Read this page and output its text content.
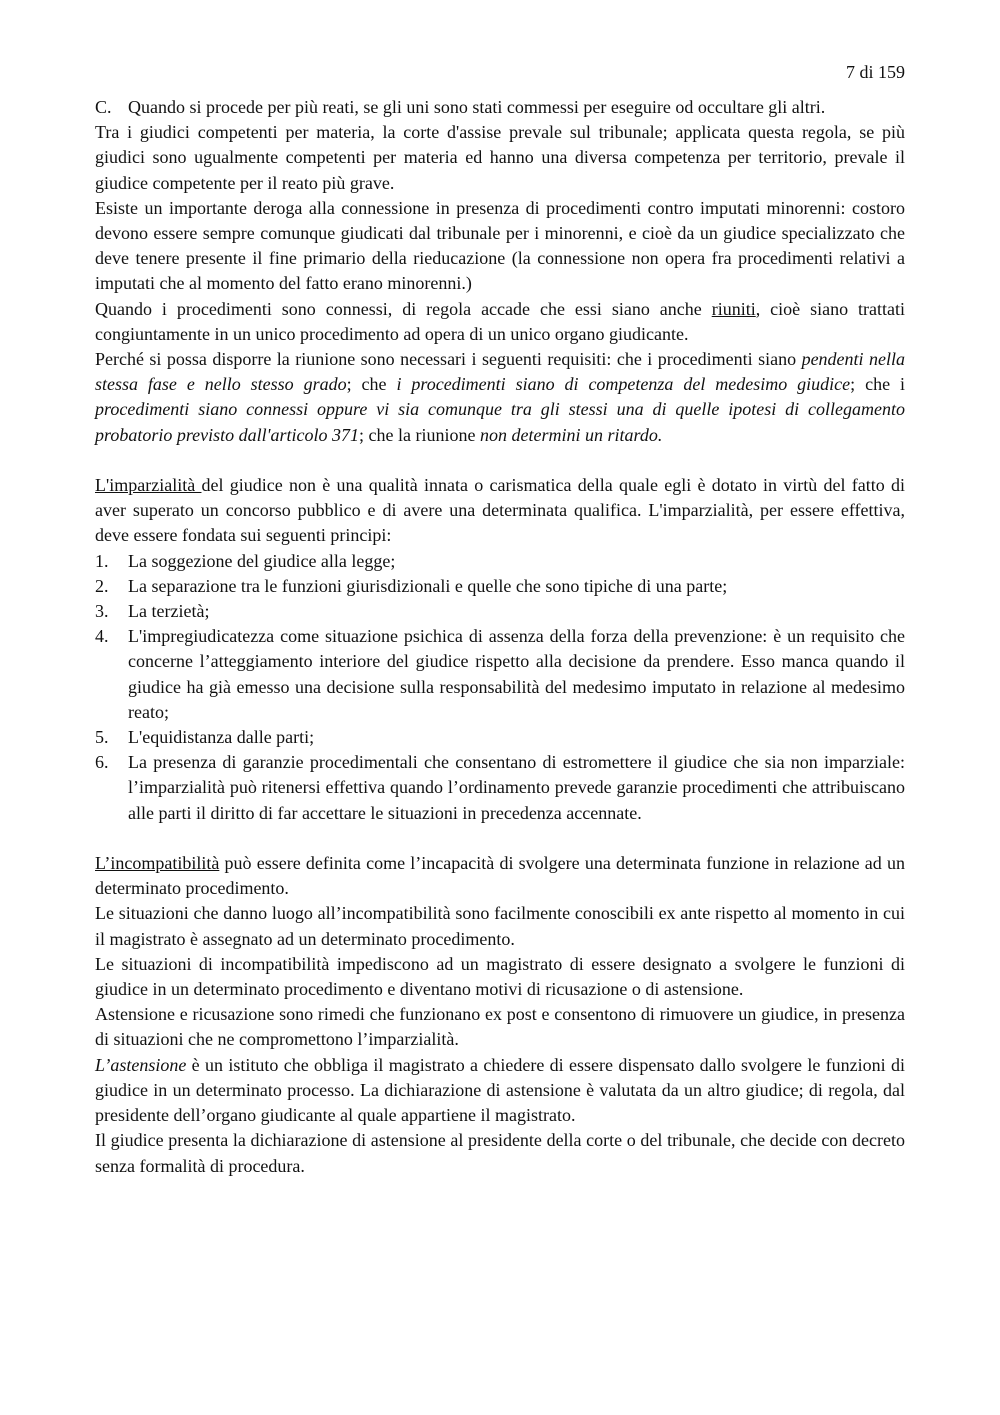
7 di 159
C. Quando si procede per più reati, se gli uni sono stati commessi per eseguire od occultare gli altri.

Tra i giudici competenti per materia, la corte d'assise prevale sul tribunale; applicata questa regola, se più giudici sono ugualmente competenti per materia ed hanno una diversa competenza per territorio, prevale il giudice competente per il reato più grave.

Esiste un importante deroga alla connessione in presenza di procedimenti contro imputati minorenni: costoro devono essere sempre comunque giudicati dal tribunale per i minorenni, e cioè da un giudice specializzato che deve tenere presente il fine primario della rieducazione (la connessione non opera fra procedimenti relativi a imputati che al momento del fatto erano minorenni.)

Quando i procedimenti sono connessi, di regola accade che essi siano anche riuniti, cioè siano trattati congiuntamente in un unico procedimento ad opera di un unico organo giudicante.

Perché si possa disporre la riunione sono necessari i seguenti requisiti: che i procedimenti siano pendenti nella stessa fase e nello stesso grado; che i procedimenti siano di competenza del medesimo giudice; che i procedimenti siano connessi oppure vi sia comunque tra gli stessi una di quelle ipotesi di collegamento probatorio previsto dall'articolo 371; che la riunione non determini un ritardo.

L'imparzialità del giudice non è una qualità innata o carismatica della quale egli è dotato in virtù del fatto di aver superato un concorso pubblico e di avere una determinata qualifica. L'imparzialità, per essere effettiva, deve essere fondata sui seguenti principi:

1.	La soggezione del giudice alla legge;
2.	La separazione tra le funzioni giurisdizionali e quelle che sono tipiche di una parte;
3.	La terzietà;
4.	L'impregiudicatezza come situazione psichica di assenza della forza della prevenzione: è un requisito che concerne l’atteggiamento interiore del giudice rispetto alla decisione da prendere. Esso manca quando il giudice ha già emesso una decisione sulla responsabilità del medesimo imputato in relazione al medesimo reato;
5.	L'equidistanza dalle parti;
6.	La presenza di garanzie procedimentali che consentano di estromettere il giudice che sia non imparziale: l’imparzialità può ritenersi effettiva quando l’ordinamento prevede garanzie procedimenti che attribuiscano alle parti il diritto di far accettare le situazioni in precedenza accennate.

L’incompatibilità può essere definita come l’incapacità di svolgere una determinata funzione in relazione ad un determinato procedimento.

Le situazioni che danno luogo all’incompatibilità sono facilmente conoscibili ex ante rispetto al momento in cui il magistrato è assegnato ad un determinato procedimento.

Le situazioni di incompatibilità impediscono ad un magistrato di essere designato a svolgere le funzioni di giudice in un determinato procedimento e diventano motivi di ricusazione o di astensione.

Astensione e ricusazione sono rimedi che funzionano ex post e consentono di rimuovere un giudice, in presenza di situazioni che ne compromettono l’imparzialità.

L’astensione è un istituto che obbliga il magistrato a chiedere di essere dispensato dallo svolgere le funzioni di giudice in un determinato processo. La dichiarazione di astensione è valutata da un altro giudice; di regola, dal presidente dell’organo giudicante al quale appartiene il magistrato.

Il giudice presenta la dichiarazione di astensione al presidente della corte o del tribunale, che decide con decreto senza formalità di procedura.
